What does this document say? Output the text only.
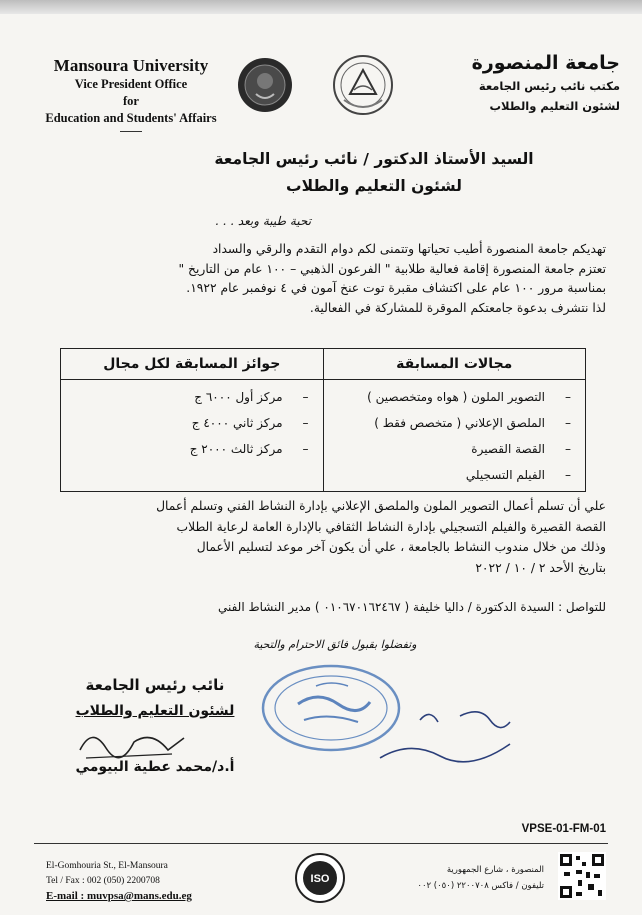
Mansoura University
Vice President Office
for
Education and Students' Affairs
جامعة المنصورة
مكتب نائب رئيس الجامعة
لشئون التعليم والطلاب
السيد الأستاذ الدكتور / نائب رئيس الجامعة
لشئون التعليم والطلاب
تحية طيبة وبعد . . .
تهديكم جامعة المنصورة أطيب تحياتها وتتمنى لكم دوام التقدم والرقي والسداد
تعتزم جامعة المنصورة إقامة فعالية طلابية " الفرعون الذهبي – ١٠٠ عام من التاريخ "
بمناسبة مرور ١٠٠ عام على اكتشاف مقبرة توت عنخ آمون في ٤ نوفمبر عام ١٩٢٢.
لذا نتشرف بدعوة جامعتكم الموقرة للمشاركة في الفعالية.
مجالات المسابقة
جوائز المسابقة لكل مجال
–التصوير الملون ( هواه ومتخصصين )
–الملصق الإعلاني ( متخصص فقط )
–القصة القصيرة
–الفيلم التسجيلي
–مركز أول ٦٠٠٠ ج
–مركز ثاني ٤٠٠٠ ج
–مركز ثالث ٢٠٠٠ ج
علي أن تسلم أعمال التصوير الملون والملصق الإعلاني بإدارة النشاط الفني وتسلم أعمال
القصة القصيرة والفيلم التسجيلي بإدارة النشاط الثقافي بالإدارة العامة لرعاية الطلاب
وذلك من خلال مندوب النشاط بالجامعة ، علي أن يكون آخر موعد لتسليم الأعمال
بتاريخ الأحد ٢ / ١٠ / ٢٠٢٢
للتواصل : السيدة الدكتورة / داليا خليفة ( ٠١٠٦٧٠١٦٢٤٦٧ ) مدير النشاط الفني
وتفضلوا بقبول فائق الاحترام والتحية
نائب رئيس الجامعة
لشئون التعليم والطلاب
أ.د/محمد عطية البيومي
VPSE-01-FM-01
El-Gomhouria St., El-Mansoura
Tel / Fax : 002 (050) 2200708
E-mail : muvpsa@mans.edu.eg
ISO
المنصورة ، شارع الجمهورية
تليفون / فاكس ٢٢٠٠٧٠٨ (٠٥٠) ٠٠٢
